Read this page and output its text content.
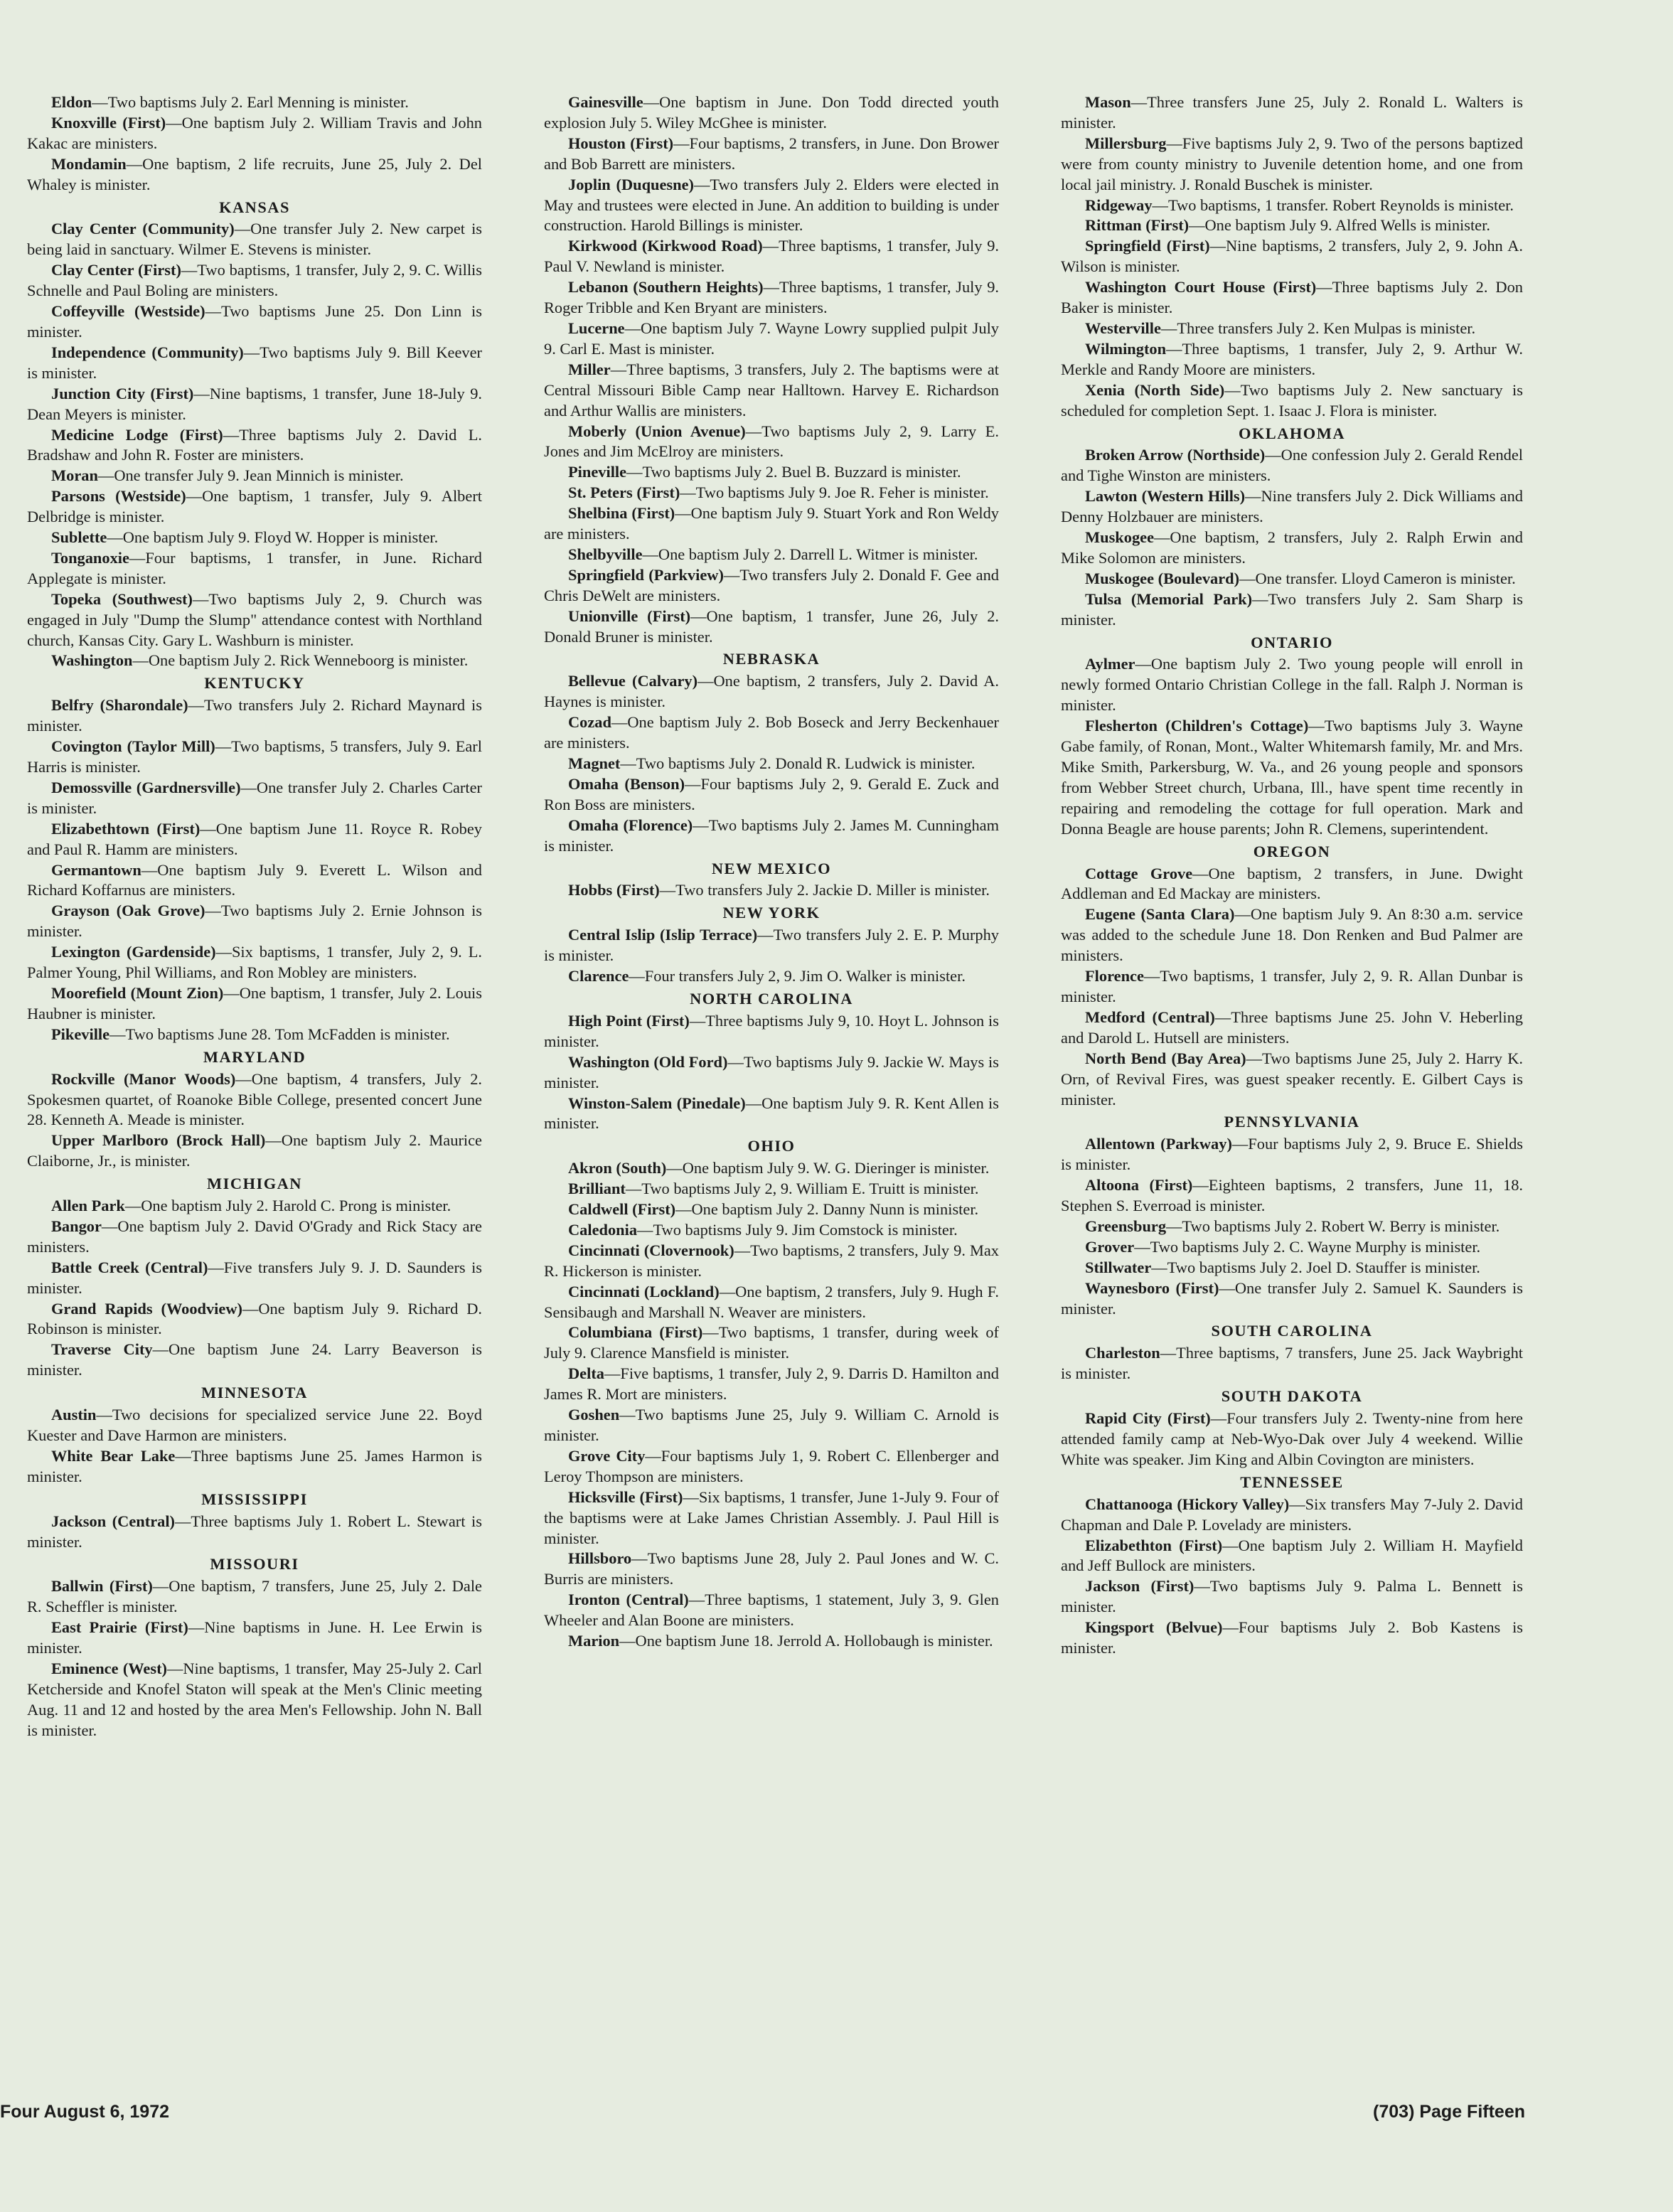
Eldon—Two baptisms July 2. Earl Menning is minister.

Knoxville (First)—One baptism July 2. William Travis and John Kakac are ministers.

Mondamin—One baptism, 2 life recruits, June 25, July 2. Del Whaley is minister.

KANSAS

Clay Center (Community)—One transfer July 2. New carpet is being laid in sanctuary. Wilmer E. Stevens is minister.

Clay Center (First)—Two baptisms, 1 transfer, July 2, 9. C. Willis Schnelle and Paul Boling are ministers.

Coffeyville (Westside)—Two baptisms June 25. Don Linn is minister.

Independence (Community)—Two baptisms July 9. Bill Keever is minister.

Junction City (First)—Nine baptisms, 1 transfer, June 18-July 9. Dean Meyers is minister.

Medicine Lodge (First)—Three baptisms July 2. David L. Bradshaw and John R. Foster are ministers.

Moran—One transfer July 9. Jean Minnich is minister.

Parsons (Westside)—One baptism, 1 transfer, July 9. Albert Delbridge is minister.

Sublette—One baptism July 9. Floyd W. Hopper is minister.

Tonganoxie—Four baptisms, 1 transfer, in June. Richard Applegate is minister.

Topeka (Southwest)—Two baptisms July 2, 9. Church was engaged in July "Dump the Slump" attendance contest with Northland church, Kansas City. Gary L. Washburn is minister.

Washington—One baptism July 2. Rick Wenneboorg is minister.

KENTUCKY

Belfry (Sharondale)—Two transfers July 2. Richard Maynard is minister.

Covington (Taylor Mill)—Two baptisms, 5 transfers, July 9. Earl Harris is minister.

Demossville (Gardnersville)—One transfer July 2. Charles Carter is minister.

Elizabethtown (First)—One baptism June 11. Royce R. Robey and Paul R. Hamm are ministers.

Germantown—One baptism July 9. Everett L. Wilson and Richard Koffarnus are ministers.

Grayson (Oak Grove)—Two baptisms July 2. Ernie Johnson is minister.

Lexington (Gardenside)—Six baptisms, 1 transfer, July 2, 9. L. Palmer Young, Phil Williams, and Ron Mobley are ministers.

Moorefield (Mount Zion)—One baptism, 1 transfer, July 2. Louis Haubner is minister.

Pikeville—Two baptisms June 28. Tom McFadden is minister.

MARYLAND

Rockville (Manor Woods)—One baptism, 4 transfers, July 2. Spokesmen quartet, of Roanoke Bible College, presented concert June 28. Kenneth A. Meade is minister.

Upper Marlboro (Brock Hall)—One baptism July 2. Maurice Claiborne, Jr., is minister.

MICHIGAN

Allen Park—One baptism July 2. Harold C. Prong is minister.

Bangor—One baptism July 2. David O'Grady and Rick Stacy are ministers.

Battle Creek (Central)—Five transfers July 9. J. D. Saunders is minister.

Grand Rapids (Woodview)—One baptism July 9. Richard D. Robinson is minister.

Traverse City—One baptism June 24. Larry Beaverson is minister.

MINNESOTA

Austin—Two decisions for specialized service June 22. Boyd Kuester and Dave Harmon are ministers.

White Bear Lake—Three baptisms June 25. James Harmon is minister.

MISSISSIPPI

Jackson (Central)—Three baptisms July 1. Robert L. Stewart is minister.

MISSOURI

Ballwin (First)—One baptism, 7 transfers, June 25, July 2. Dale R. Scheffler is minister.

East Prairie (First)—Nine baptisms in June. H. Lee Erwin is minister.

Eminence (West)—Nine baptisms, 1 transfer, May 25-July 2. Carl Ketcherside and Knofel Staton will speak at the Men's Clinic meeting Aug. 11 and 12 and hosted by the area Men's Fellowship. John N. Ball is minister.

Gainesville—One baptism in June. Don Todd directed youth explosion July 5. Wiley McGhee is minister.

Houston (First)—Four baptisms, 2 transfers, in June. Don Brower and Bob Barrett are ministers.

Joplin (Duquesne)—Two transfers July 2. Elders were elected in May and trustees were elected in June. An addition to building is under construction. Harold Billings is minister.

Kirkwood (Kirkwood Road)—Three baptisms, 1 transfer, July 9. Paul V. Newland is minister.

Lebanon (Southern Heights)—Three baptisms, 1 transfer, July 9. Roger Tribble and Ken Bryant are ministers.

Lucerne—One baptism July 7. Wayne Lowry supplied pulpit July 9. Carl E. Mast is minister.

Miller—Three baptisms, 3 transfers, July 2. The baptisms were at Central Missouri Bible Camp near Halltown. Harvey E. Richardson and Arthur Wallis are ministers.

Moberly (Union Avenue)—Two baptisms July 2, 9. Larry E. Jones and Jim McElroy are ministers.

Pineville—Two baptisms July 2. Buel B. Buzzard is minister.

St. Peters (First)—Two baptisms July 9. Joe R. Feher is minister.

Shelbina (First)—One baptism July 9. Stuart York and Ron Weldy are ministers.

Shelbyville—One baptism July 2. Darrell L. Witmer is minister.

Springfield (Parkview)—Two transfers July 2. Donald F. Gee and Chris DeWelt are ministers.

Unionville (First)—One baptism, 1 transfer, June 26, July 2. Donald Bruner is minister.

NEBRASKA

Bellevue (Calvary)—One baptism, 2 transfers, July 2. David A. Haynes is minister.

Cozad—One baptism July 2. Bob Boseck and Jerry Beckenhauer are ministers.

Magnet—Two baptisms July 2. Donald R. Ludwick is minister.

Omaha (Benson)—Four baptisms July 2, 9. Gerald E. Zuck and Ron Boss are ministers.

Omaha (Florence)—Two baptisms July 2. James M. Cunningham is minister.

NEW MEXICO

Hobbs (First)—Two transfers July 2. Jackie D. Miller is minister.

NEW YORK

Central Islip (Islip Terrace)—Two transfers July 2. E. P. Murphy is minister.

Clarence—Four transfers July 2, 9. Jim O. Walker is minister.

NORTH CAROLINA

High Point (First)—Three baptisms July 9, 10. Hoyt L. Johnson is minister.

Washington (Old Ford)—Two baptisms July 9. Jackie W. Mays is minister.

Winston-Salem (Pinedale)—One baptism July 9. R. Kent Allen is minister.

OHIO

Akron (South)—One baptism July 9. W. G. Dieringer is minister.

Brilliant—Two baptisms July 2, 9. William E. Truitt is minister.

Caldwell (First)—One baptism July 2. Danny Nunn is minister.

Caledonia—Two baptisms July 9. Jim Comstock is minister.

Cincinnati (Clovernook)—Two baptisms, 2 transfers, July 9. Max R. Hickerson is minister.

Cincinnati (Lockland)—One baptism, 2 transfers, July 9. Hugh F. Sensibaugh and Marshall N. Weaver are ministers.

Columbiana (First)—Two baptisms, 1 transfer, during week of July 9. Clarence Mansfield is minister.

Delta—Five baptisms, 1 transfer, July 2, 9. Darris D. Hamilton and James R. Mort are ministers.

Goshen—Two baptisms June 25, July 9. William C. Arnold is minister.

Grove City—Four baptisms July 1, 9. Robert C. Ellenberger and Leroy Thompson are ministers.

Hicksville (First)—Six baptisms, 1 transfer, June 1-July 9. Four of the baptisms were at Lake James Christian Assembly. J. Paul Hill is minister.

Hillsboro—Two baptisms June 28, July 2. Paul Jones and W. C. Burris are ministers.

Ironton (Central)—Three baptisms, 1 statement, July 3, 9. Glen Wheeler and Alan Boone are ministers.

Marion—One baptism June 18. Jerrold A. Hollobaugh is minister.

Mason—Three transfers June 25, July 2. Ronald L. Walters is minister.

Millersburg—Five baptisms July 2, 9. Two of the persons baptized were from county ministry to Juvenile detention home, and one from local jail ministry. J. Ronald Buschek is minister.

Ridgeway—Two baptisms, 1 transfer. Robert Reynolds is minister.

Rittman (First)—One baptism July 9. Alfred Wells is minister.

Springfield (First)—Nine baptisms, 2 transfers, July 2, 9. John A. Wilson is minister.

Washington Court House (First)—Three baptisms July 2. Don Baker is minister.

Westerville—Three transfers July 2. Ken Mulpas is minister.

Wilmington—Three baptisms, 1 transfer, July 2, 9. Arthur W. Merkle and Randy Moore are ministers.

Xenia (North Side)—Two baptisms July 2. New sanctuary is scheduled for completion Sept. 1. Isaac J. Flora is minister.

OKLAHOMA

Broken Arrow (Northside)—One confession July 2. Gerald Rendel and Tighe Winston are ministers.

Lawton (Western Hills)—Nine transfers July 2. Dick Williams and Denny Holzbauer are ministers.

Muskogee—One baptism, 2 transfers, July 2. Ralph Erwin and Mike Solomon are ministers.

Muskogee (Boulevard)—One transfer. Lloyd Cameron is minister.

Tulsa (Memorial Park)—Two transfers July 2. Sam Sharp is minister.

ONTARIO

Aylmer—One baptism July 2. Two young people will enroll in newly formed Ontario Christian College in the fall. Ralph J. Norman is minister.

Flesherton (Children's Cottage)—Two baptisms July 3. Wayne Gabe family, of Ronan, Mont., Walter Whitemarsh family, Mr. and Mrs. Mike Smith, Parkersburg, W. Va., and 26 young people and sponsors from Webber Street church, Urbana, Ill., have spent time recently in repairing and remodeling the cottage for full operation. Mark and Donna Beagle are house parents; John R. Clemens, superintendent.

OREGON

Cottage Grove—One baptism, 2 transfers, in June. Dwight Addleman and Ed Mackay are ministers.

Eugene (Santa Clara)—One baptism July 9. An 8:30 a.m. service was added to the schedule June 18. Don Renken and Bud Palmer are ministers.

Florence—Two baptisms, 1 transfer, July 2, 9. R. Allan Dunbar is minister.

Medford (Central)—Three baptisms June 25. John V. Heberling and Darold L. Hutsell are ministers.

North Bend (Bay Area)—Two baptisms June 25, July 2. Harry K. Orn, of Revival Fires, was guest speaker recently. E. Gilbert Cays is minister.

PENNSYLVANIA

Allentown (Parkway)—Four baptisms July 2, 9. Bruce E. Shields is minister.

Altoona (First)—Eighteen baptisms, 2 transfers, June 11, 18. Stephen S. Everroad is minister.

Greensburg—Two baptisms July 2. Robert W. Berry is minister.

Grover—Two baptisms July 2. C. Wayne Murphy is minister.

Stillwater—Two baptisms July 2. Joel D. Stauffer is minister.

Waynesboro (First)—One transfer July 2. Samuel K. Saunders is minister.

SOUTH CAROLINA

Charleston—Three baptisms, 7 transfers, June 25. Jack Waybright is minister.

SOUTH DAKOTA

Rapid City (First)—Four transfers July 2. Twenty-nine from here attended family camp at Neb-Wyo-Dak over July 4 weekend. Willie White was speaker. Jim King and Albin Covington are ministers.

TENNESSEE

Chattanooga (Hickory Valley)—Six transfers May 7-July 2. David Chapman and Dale P. Lovelady are ministers.

Elizabethton (First)—One baptism July 2. William H. Mayfield and Jeff Bullock are ministers.

Jackson (First)—Two baptisms July 9. Palma L. Bennett is minister.

Kingsport (Belvue)—Four baptisms July 2. Bob Kastens is minister.

Four August 6, 1972	(703) Page Fifteen
